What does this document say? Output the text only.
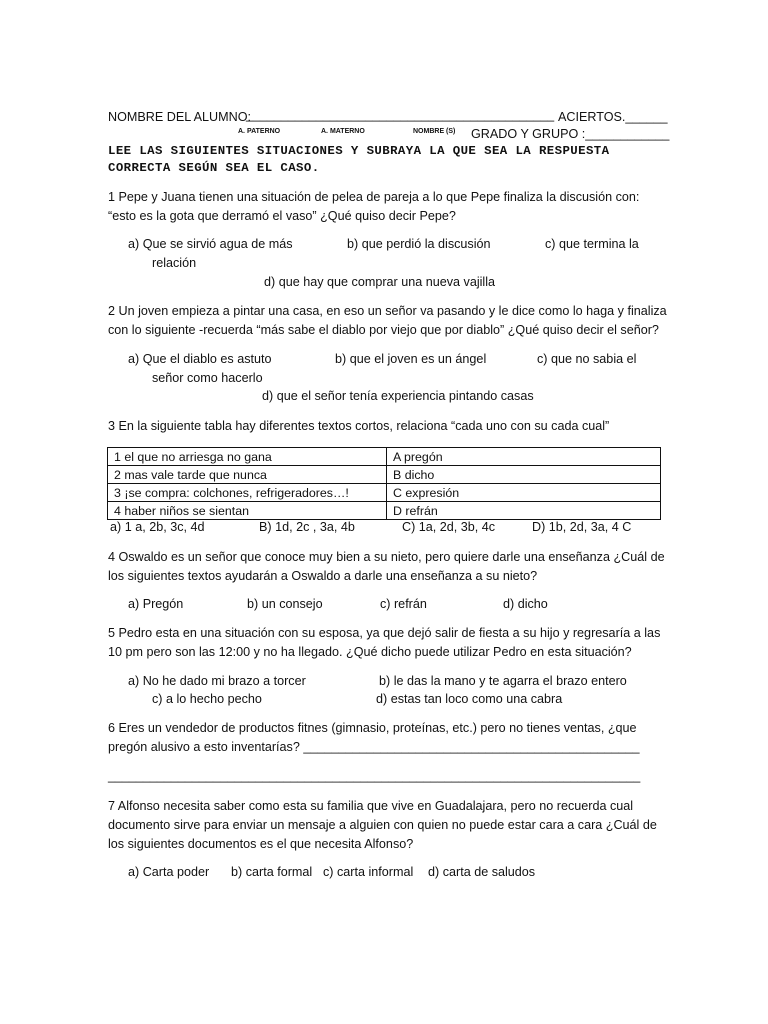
NOMBRE DEL ALUMNO:
____________________________________________ ACIERTOS.______
A. PATERNO	A. MATERNO	NOMBRE (S) GRADO Y GRUPO :____________
LEE LAS SIGUIENTES SITUACIONES Y SUBRAYA LA QUE SEA LA RESPUESTA
CORRECTA SEGÚN SEA EL CASO.
1 Pepe y Juana tienen una situación de pelea de pareja a lo que Pepe finaliza la discusión con:
“esto es la gota que derramó el vaso” ¿Qué quiso decir Pepe?
a) Que se sirvió agua de más
relación
b) que perdió la discusión	c) que termina la
d) que hay que comprar una nueva vajilla
2 Un joven empieza a pintar una casa, en eso un señor va pasando y le dice como lo haga y finaliza
con lo siguiente -recuerda “más sabe el diablo por viejo que por diablo” ¿Qué quiso decir el señor?
a) Que el diablo es astuto
señor como hacerlo
b) que el joven es un ángel	c) que no sabia el
d) que el señor tenía experiencia pintando casas
3 En la siguiente tabla hay diferentes textos cortos, relaciona “cada uno con su cada cual”
1 el que no arriesga no gana	A pregón
2 mas vale tarde que nunca	B dicho
3 ¡se compra: colchones, refrigeradores…!	C expresión
4 haber niños se sientan	D refrán
a) 1 a, 2b, 3c, 4d	B) 1d, 2c , 3a, 4b	C) 1a, 2d, 3b, 4c	D) 1b, 2d, 3a, 4 C
4 Oswaldo es un señor que conoce muy bien a su nieto, pero quiere darle una enseñanza ¿Cuál de
los siguientes textos ayudarán a Oswaldo a darle una enseñanza a su nieto?
a) Pregón	b) un consejo	c) refrán	d) dicho
5 Pedro esta en una situación con su esposa, ya que dejó salir de fiesta a su hijo y regresaría a las
10 pm pero son las 12:00 y no ha llegado. ¿Qué dicho puede utilizar Pedro en esta situación?
a) No he dado mi brazo a torcer	b) le das la mano y te agarra el brazo entero
c) a lo hecho pecho	d) estas tan loco como una cabra
6 Eres un vendedor de productos fitnes (gimnasio, proteínas, etc.) pero no tienes ventas, ¿que
pregón alusivo a esto inventarías? ________________________________________________
____________________________________________________________________________
7 Alfonso necesita saber como esta su familia que vive en Guadalajara, pero no recuerda cual
documento sirve para enviar un mensaje a alguien con quien no puede estar cara a cara ¿Cuál de
los siguientes documentos es el que necesita Alfonso?
a) Carta poder b) carta formal c) carta informal d) carta de saludos
